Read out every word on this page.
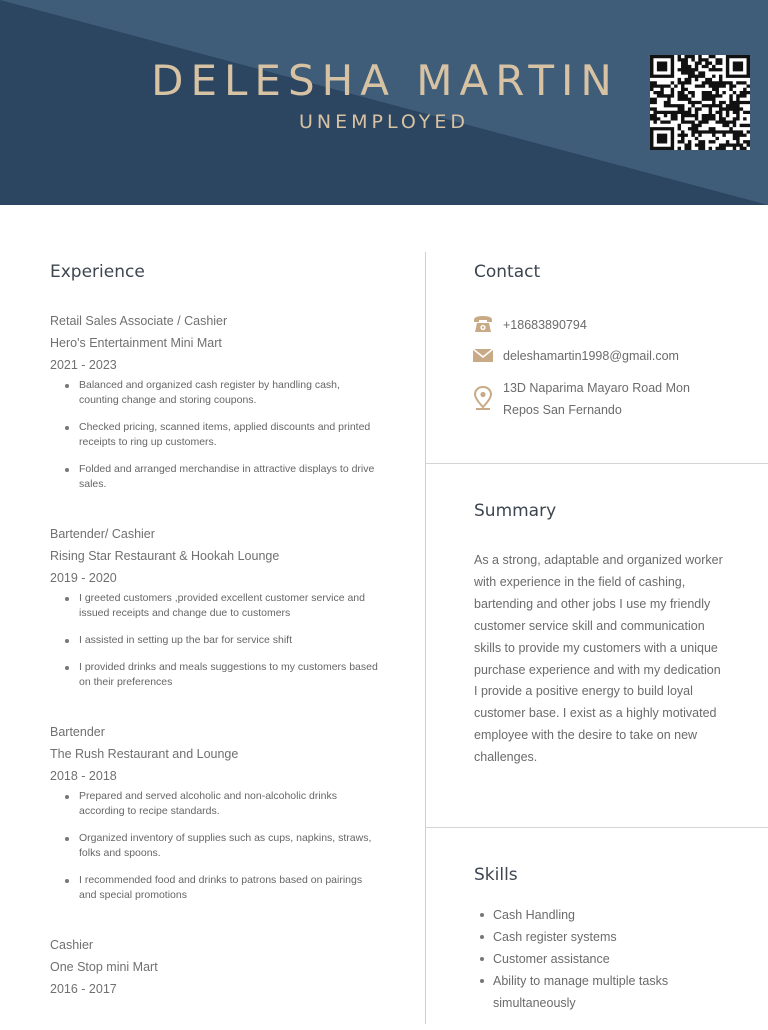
DELESHA MARTIN
UNEMPLOYED
Experience
Retail Sales Associate / Cashier
Hero's Entertainment Mini Mart
2021 - 2023
Balanced and organized cash register by handling cash, counting change and storing coupons.
Checked pricing, scanned items, applied discounts and printed receipts to ring up customers.
Folded and arranged merchandise in attractive displays to drive sales.
Bartender/ Cashier
Rising Star Restaurant & Hookah Lounge
2019 - 2020
I greeted customers ,provided excellent customer service and issued receipts and change due to customers
I assisted in setting up the bar for service shift
I provided drinks and meals suggestions to my customers based on their preferences
Bartender
The Rush Restaurant and Lounge
2018 - 2018
Prepared and served alcoholic and non-alcoholic drinks according to recipe standards.
Organized inventory of supplies such as cups, napkins, straws, folks and spoons.
I recommended food and drinks to patrons based on pairings and special promotions
Cashier
One Stop mini Mart
2016 - 2017
Contact
+18683890794
deleshamartin1998@gmail.com
13D Naparima Mayaro Road Mon
Repos San Fernando
Summary

As a strong, adaptable and organized worker with experience in the field of cashing, bartending and other jobs I use my friendly customer service skill and communication skills to provide my customers with a unique purchase experience and with my dedication I provide a positive energy to build loyal customer base. I exist as a highly motivated employee with the desire to take on new challenges.

Skills
Cash Handling
Cash register systems
Customer assistance
Ability to manage multiple tasks simultaneously
